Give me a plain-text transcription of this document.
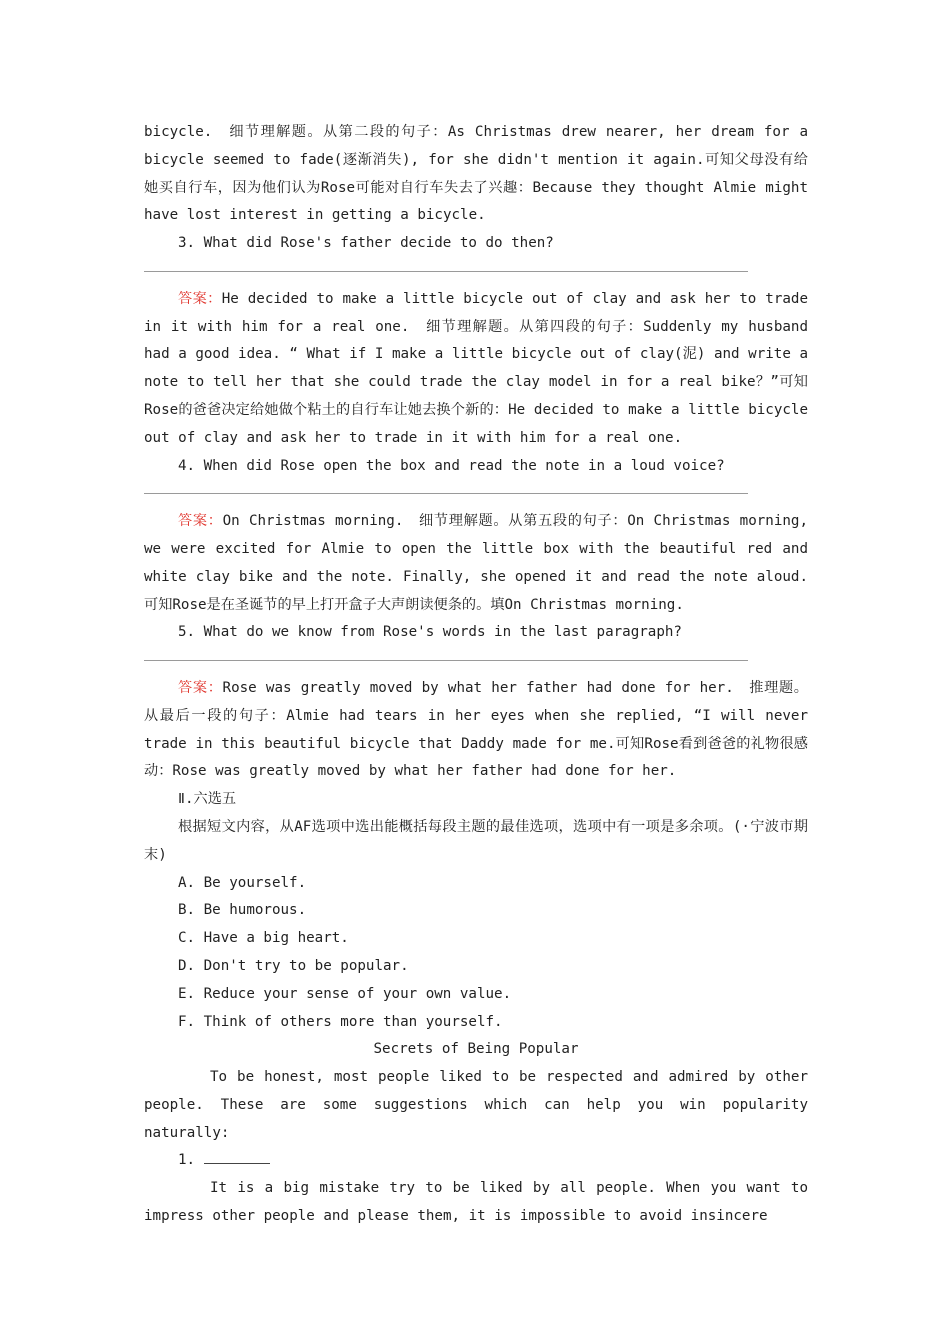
bicycle.　细节理解题。从第二段的句子：As Christmas drew nearer, her dream for a bicycle seemed to fade(逐渐消失), for she didn't mention it again.可知父母没有给她买自行车，因为他们认为Rose可能对自行车失去了兴趣：Because they thought Almie might have lost interest in getting a bicycle.

3. What did Rose's father decide to do then?

答案：He decided to make a little bicycle out of clay and ask her to trade in it with him for a real one.　细节理解题。从第四段的句子：Suddenly my husband had a good idea. “ What if I make a little bicycle out of clay(泥) and write a note to tell her that she could trade the clay model in for a real bike？”可知Rose的爸爸决定给她做个粘土的自行车让她去换个新的：He decided to make a little bicycle out of clay and ask her to trade in it with him for a real one.

4. When did Rose open the box and read the note in a loud voice?

答案：On Christmas morning.　细节理解题。从第五段的句子：On Christmas morning, we were excited for Almie to open the little box with the beautiful red and white clay bike and the note. Finally, she opened it and read the note aloud.可知Rose是在圣诞节的早上打开盒子大声朗读便条的。填On Christmas morning.

5. What do we know from Rose's words in the last paragraph?

答案：Rose was greatly moved by what her father had done for her.　推理题。从最后一段的句子：Almie had tears in her eyes when she replied, “I will never trade in this beautiful bicycle that Daddy made for me.可知Rose看到爸爸的礼物很感动：Rose was greatly moved by what her father had done for her.

Ⅱ.六选五

根据短文内容，从AF选项中选出能概括每段主题的最佳选项，选项中有一项是多余项。(·宁波市期末)

A. Be yourself.

B. Be humorous.

C. Have a big heart.

D. Don't try to be popular.

E. Reduce your sense of your own value.

F. Think of others more than yourself.

Secrets of Being Popular

To be honest, most people liked to be respected and admired by other people. These are some suggestions which can help you win popularity naturally:

1.

It is a big mistake try to be liked by all people. When you want to impress other people and please them, it is impossible to avoid insincere
